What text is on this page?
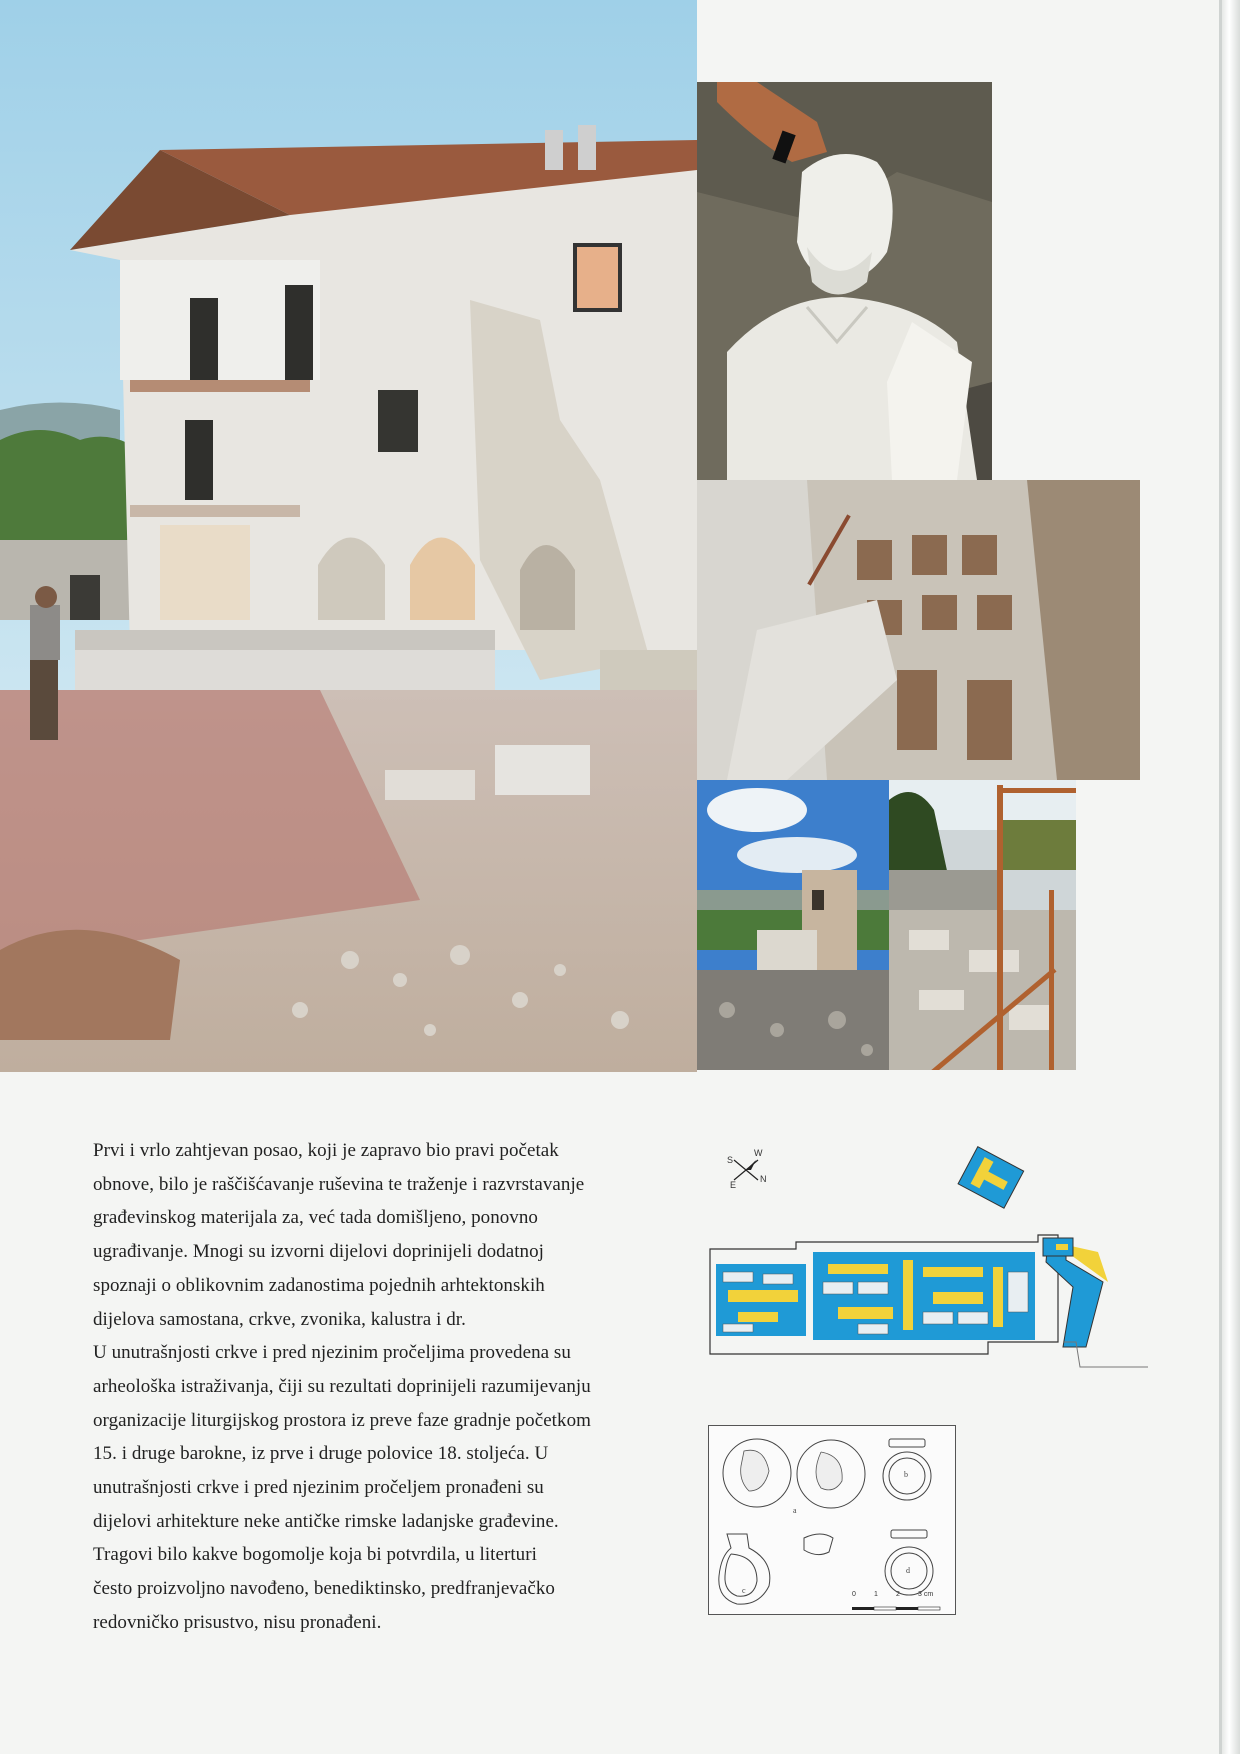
Prvi i vrlo zahtjevan posao, koji je zapravo bio pravi početak
obnove, bilo je raščišćavanje ruševina te traženje i razvrstavanje
građevinskog materijala za, već tada domišljeno, ponovno
ugrađivanje. Mnogi su izvorni dijelovi doprinijeli dodatnoj
spoznaji o oblikovnim zadanostima pojednih arhtektonskih
dijelova samostana, crkve, zvonika, kalustra i dr.
U unutrašnjosti crkve i pred njezinim pročeljima provedena su
arheološka istraživanja, čiji su rezultati doprinijeli razumijevanju
organizacije liturgijskog prostora iz preve faze gradnje početkom
15. i druge barokne, iz prve i druge polovice 18. stoljeća. U
unutrašnjosti crkve i pred njezinim pročeljem pronađeni su
dijelovi arhitekture neke antičke rimske ladanjske građevine.
Tragovi bilo kakve bogomolje koja bi potvrdila, u literturi
često proizvoljno navođeno, benediktinsko, predfranjevačko
redovničko prisustvo, nisu pronađeni.

S
W
E
N
a
b
c
d
0	1	2	3 cm
